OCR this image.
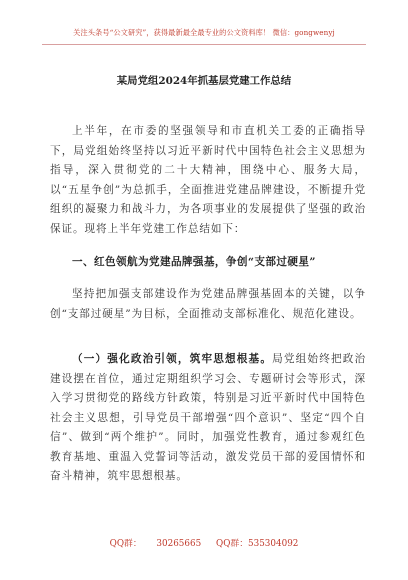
关注头条号“公文研究”，获得最新最全最专业的公文资料库！ 微信：gongwenyj
某局党组2024年抓基层党建工作总结
上半年，在市委的坚强领导和市直机关工委的正确指导下，局党组始终坚持以习近平新时代中国特色社会主义思想为指导，深入贯彻党的二十大精神，围绕中心、服务大局，以“五星争创”为总抓手，全面推进党建品牌建设，不断提升党组织的凝聚力和战斗力，为各项事业的发展提供了坚强的政治保证。现将上半年党建工作总结如下：
一、红色领航为党建品牌强基，争创“支部过硬星”
坚持把加强支部建设作为党建品牌强基固本的关键，以争创“支部过硬星”为目标，全面推动支部标准化、规范化建设。
（一）强化政治引领，筑牢思想根基。局党组始终把政治建设摆在首位，通过定期组织学习会、专题研讨会等形式，深入学习贯彻党的路线方针政策，特别是习近平新时代中国特色社会主义思想，引导党员干部增强“四个意识”、坚定“四个自信”、做到“两个维护”。同时，加强党性教育，通过参观红色教育基地、重温入党誓词等活动，激发党员干部的爱国情怀和奋斗精神，筑牢思想根基。
QQ群： 30265665 QQ群：535304092
